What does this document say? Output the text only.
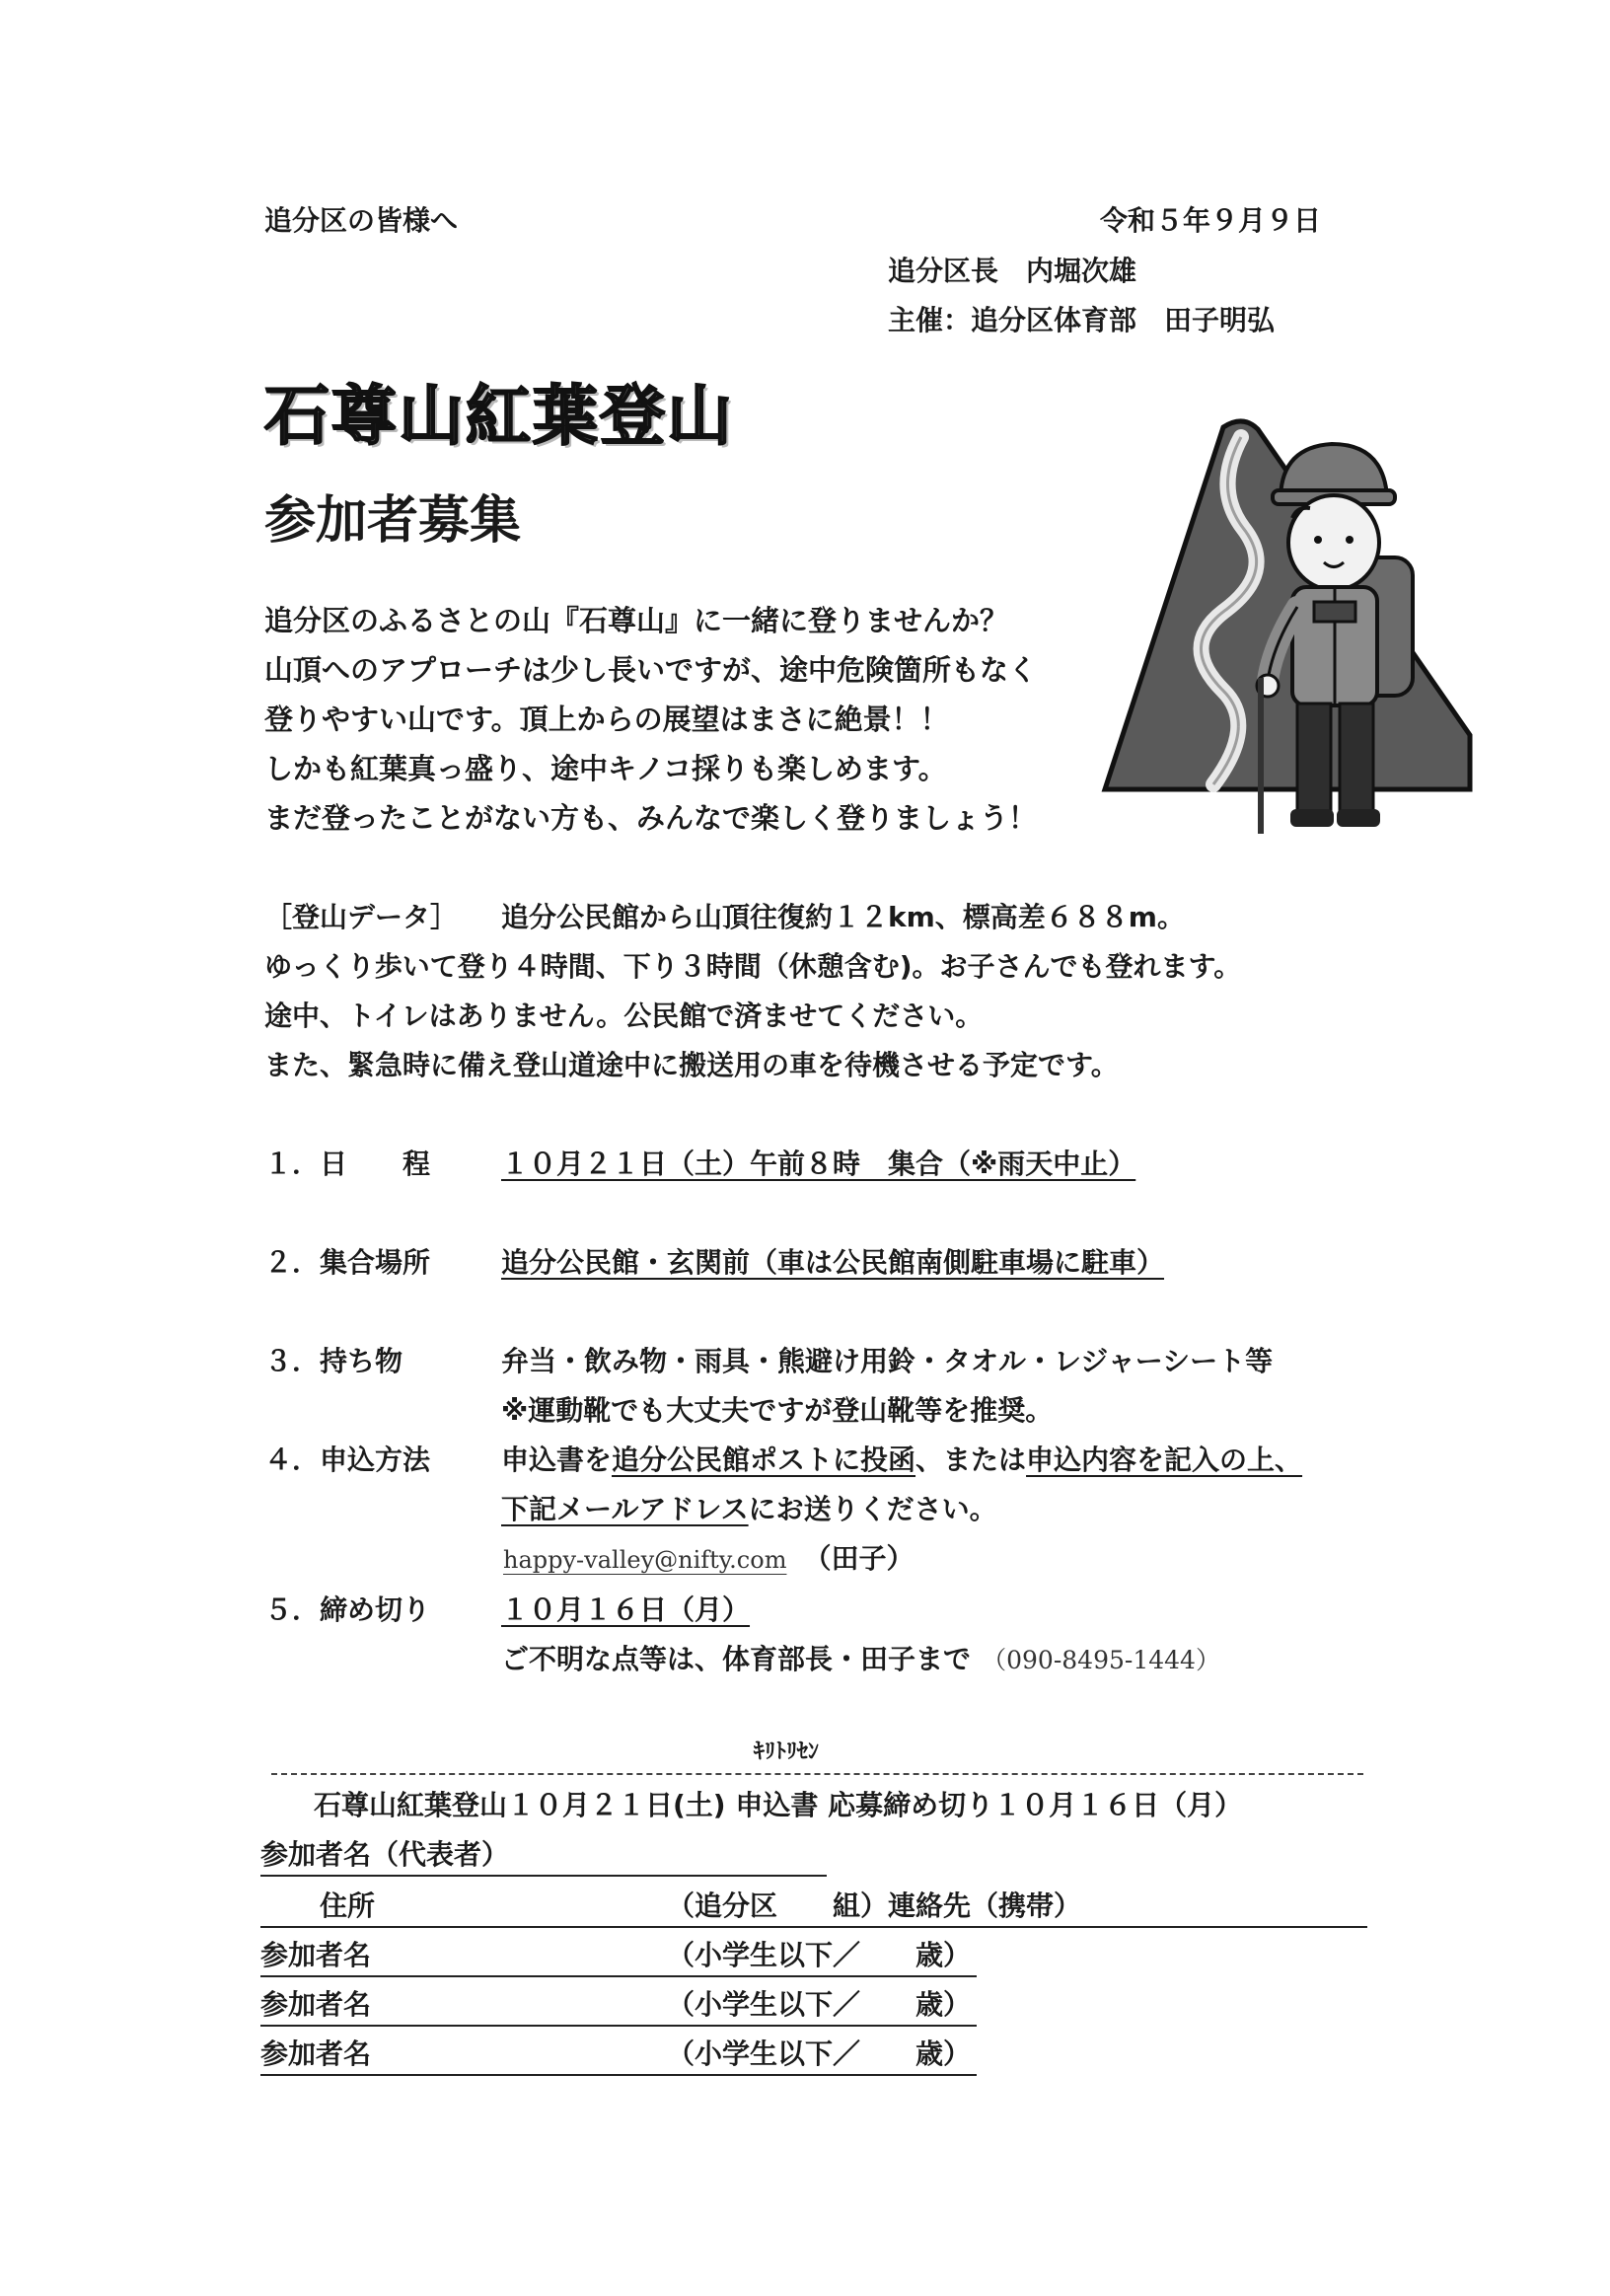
追分区の皆様へ	令和５年９月９日
追分区長　内堀次雄
主催：追分区体育部　田子明弘
石尊山紅葉登山
参加者募集
追分区のふるさとの山『石尊山』に一緒に登りませんか？
山頂へのアプローチは少し長いですが、途中危険箇所もなく
登りやすい山です。頂上からの展望はまさに絶景！！
しかも紅葉真っ盛り、途中キノコ採りも楽しめます。
まだ登ったことがない方も、みんなで楽しく登りましょう！
［登山データ］ 追分公民館から山頂往復約１２km、標高差６８８m。
ゆっくり歩いて登り４時間、下り３時間（休憩含む)。お子さんでも登れます。
途中、トイレはありません。公民館で済ませてください。
また、緊急時に備え登山道途中に搬送用の車を待機させる予定です。
１．日　　程	１０月２１日（土）午前８時　集合（※雨天中止）
２．集合場所	追分公民館・玄関前（車は公民館南側駐車場に駐車）
３．持ち物	弁当・飲み物・雨具・熊避け用鈴・タオル・レジャーシート等
※運動靴でも大丈夫ですが登山靴等を推奨。
４．申込方法	申込書を追分公民館ポストに投函、または申込内容を記入の上、
下記メールアドレスにお送りください。
happy-valley@nifty.com （田子）
５．締め切り	１０月１６日（月）
ご不明な点等は、体育部長・田子まで （090-8495-1444）
ｷﾘﾄﾘｾﾝ
石尊山紅葉登山１０月２１日(土) 申込書 応募締め切り１０月１６日（月）
参加者名（代表者）
住所	（追分区　　組）連絡先（携帯）
参加者名	（小学生以下／　　歳）
参加者名	（小学生以下／　　歳）
参加者名	（小学生以下／　　歳）
